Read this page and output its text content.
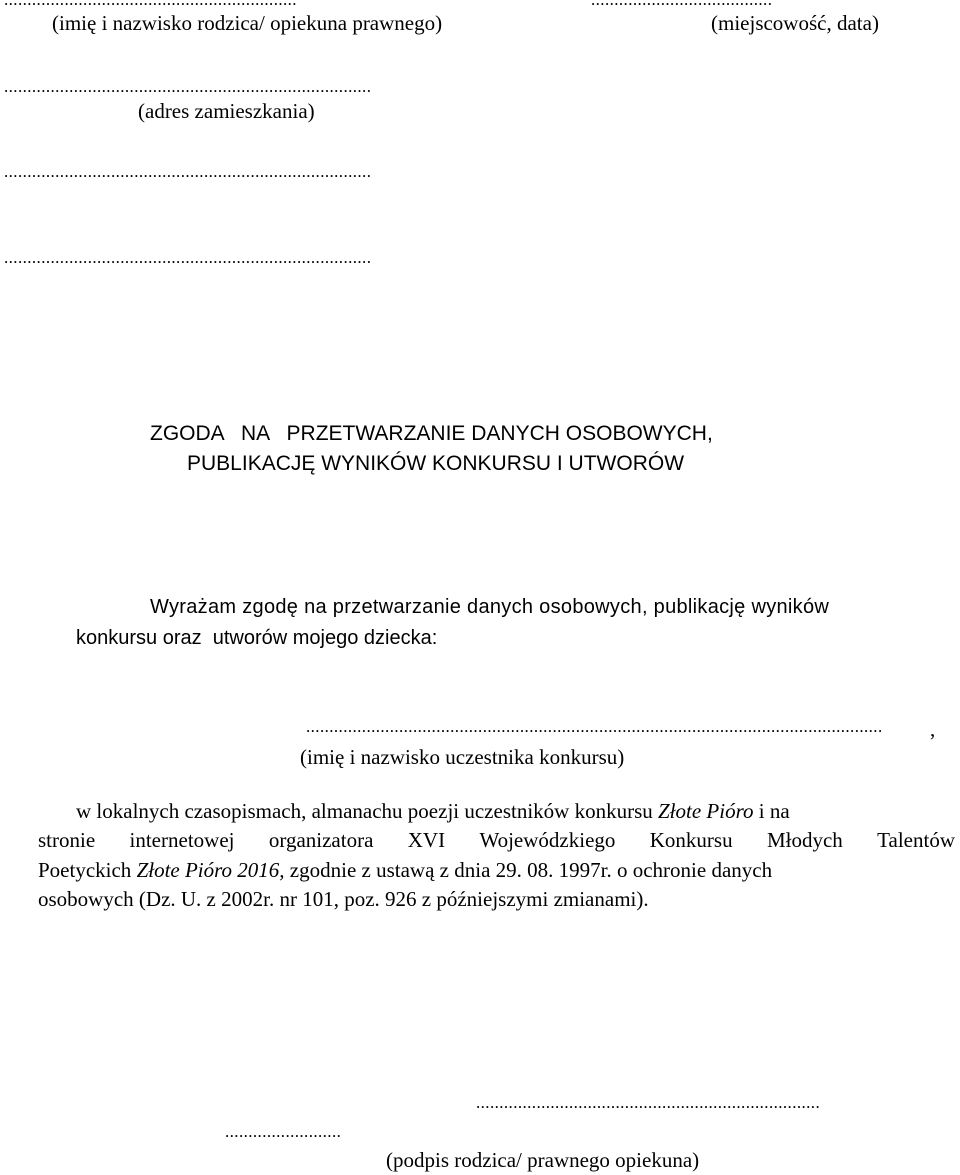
(imię i nazwisko rodzica/ opiekuna prawnego)	(miejscowość, data)
...............................................................................
(adres zamieszkania)
...............................................................................
...............................................................................
ZGODA   NA   PRZETWARZANIE DANYCH OSOBOWYCH,
PUBLIKACJĘ WYNIKÓW KONKURSU I UTWORÓW
Wyrażam zgodę na przetwarzanie danych osobowych, publikację wyników
konkursu oraz  utworów mojego dziecka:
............................................................................................................................ ,
(imię i nazwisko uczestnika konkursu)
w lokalnych czasopismach, almanachu poezji uczestników konkursu Złote Pióro i na
stronie internetowej organizatora XVI Wojewódzkiego Konkursu Młodych Talentów
Poetyckich Złote Pióro 2016, zgodnie z ustawą z dnia 29. 08. 1997r. o ochronie danych
osobowych (Dz. U. z 2002r. nr 101, poz. 926 z późniejszymi zmianami).
..........................................................................
.........................
(podpis rodzica/ prawnego opiekuna)
